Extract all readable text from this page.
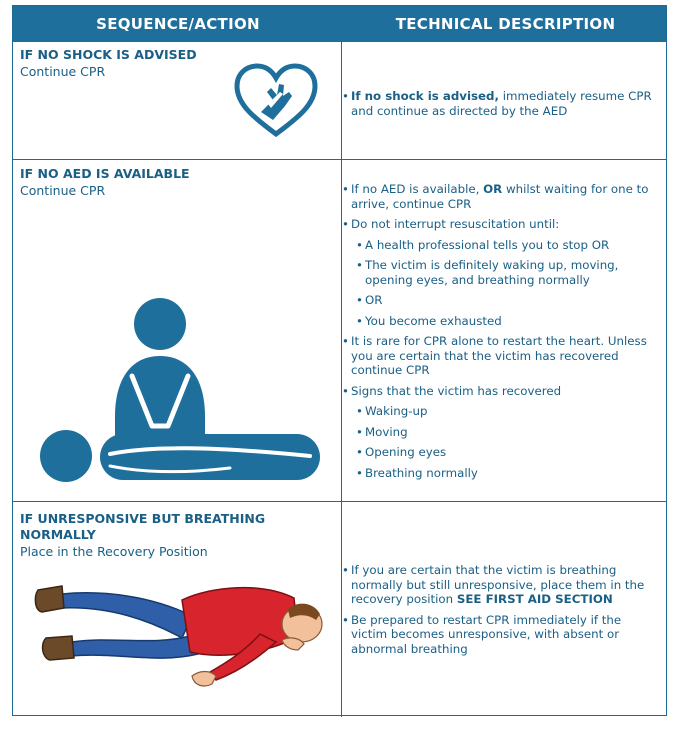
SEQUENCE/ACTION	TECHNICAL DESCRIPTION
IF NO SHOCK IS ADVISED
Continue CPR
IF NO AED IS AVAILABLE
Continue CPR
IF UNRESPONSIVE BUT BREATHING NORMALLY
Place in the Recovery Position

• If no shock is advised, immediately resume CPR and continue as directed by the AED

• If no AED is available, OR whilst waiting for one to arrive, continue CPR

• Do not interrupt resuscitation until:

• A health professional tells you to stop OR

• The victim is definitely waking up, moving, opening eyes, and breathing normally

• OR

• You become exhausted

• It is rare for CPR alone to restart the heart. Unless you are certain that the victim has recovered continue CPR

• Signs that the victim has recovered

• Waking-up

• Moving

• Opening eyes

• Breathing normally

• If you are certain that the victim is breathing normally but still unresponsive, place them in the recovery position SEE FIRST AID SECTION

• Be prepared to restart CPR immediately if the victim becomes unresponsive, with absent or abnormal breathing
